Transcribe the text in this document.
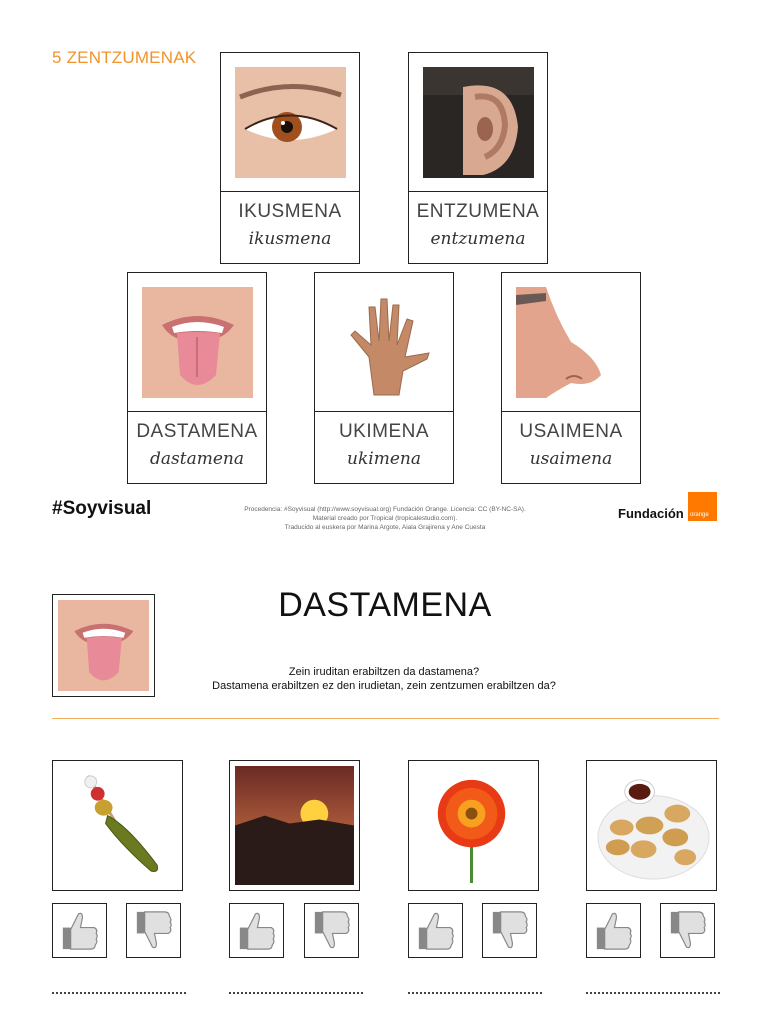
5 ZENTZUMENAK
IKUSMENA
ikusmena
ENTZUMENA
entzumena
DASTAMENA
dastamena
UKIMENA
ukimena
USAIMENA
usaimena
#Soyvisual	Procedencia: #Soyvisual (http://www.soyvisual.org) Fundación Orange. Licencia: CC (BY-NC-SA).
Material creado por Tropical (tropicalestudio.com).
Traducido al euskera por Marina Argote, Aiala Grajirena y Ane Cuesta
Fundación orange
DASTAMENA
Zein iruditan erabiltzen da dastamena?
Dastamena erabiltzen ez den irudietan, zein zentzumen erabiltzen da?
